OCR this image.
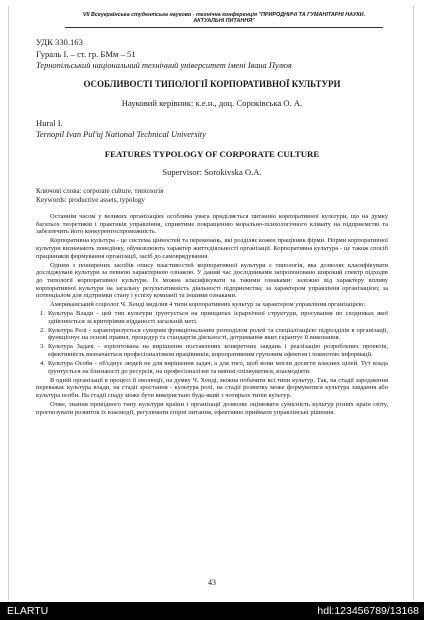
VII Всеукраїнська студентська науково - технічна конференція "ПРИРОДНИЧІ ТА ГУМАНІТАРНІ НАУКИ.
АКТУАЛЬНІ ПИТАННЯ"
УДК 330.163
Гураль І. – ст. гр. БМм – 51
Тернопільський національний технічний університет імені Івана Пулюя
ОСОБЛИВОСТІ ТИПОЛОГІЇ КОРПОРАТИВНОЇ КУЛЬТУРИ
Науковий керівник: к.е.н., доц. Сороківська О. А.
Hural I.
Ternopil Ivan Pul'uj National Technical University
FEATURES TYPOLOGY OF CORPORATE CULTURE
Supervisor: Sorokivska O.A.
Ключові слова: corporate culture, типологія
Keywords: productive assets, typology

Останнім часом у великих організаціях особлива увага приділяється питанню корпоративної культури, що на думку багатьох теоретиків і практиків управління, сприятиме покращенню морально-психологічного клімату на підприємстві та забезпечить його конкурентоспроможність.

Корпоративна культура - це система цінностей та переконань, які розділяє кожен працівник фірми. Норми корпоративної культури визначають поведінку, обумовлюють характер життєдіяльності організації. Корпоративна культура - це також спосіб працівників формування організації, засіб до самоврядування.

Одним з поширених засобів опису властивостей корпоративної культури є типологія, яка дозволяє класифікувати досліджувані культури за певною характерною ознакою. У даний час дослідниками запропоновано широкий спектр підходів до типології корпоративної культури. Їх можна класифікувати за такими ознаками: залежно від характеру впливу корпоративної культури на загальну результативність діяльності підприємства; за характером управління організацією; за потенціалом для підтримки стану і успіху компанії та іншими ознаками.

Американський соціолог Ч. Хенді виділив 4 типи корпоративних культур за характером управління організацією:

1. Культура Влади - цей тип культури ґрунтується на принципах ієрархічної структури, просування по сходинках якої здійснюється за критеріями відданості загальній меті.

2. Культура Ролі - характеризується суворим функціональним розподілом ролей та спеціалізацією підрозділів в організації, функціонує на основі правил, процедур та стандартів діяльності, дотримання яких гарантує її виконання.

3. Культура Задачі - зорієнтована на вирішення поставлених конкретних завдань і реалізацію розроблених проектів, ефективність визначається професіоналізмом працівників, корпоративним груповим ефектом і повнотою інформації.

4. Культура Особи - об'єднує людей не для вирішення задач, а для того, щоб вони могли досягти власних цілей. Тут влада ґрунтується на близькості до ресурсів, на професіоналізмі та вмінні спілкуватися, взаємодіяти.

В одній організації в процесі її еволюції, на думку Ч. Хенді, можна побачити всі типи культур. Так, на стадії зародження переважає культура влади, на стадії зростання - культура ролі, на стадії розвитку може формуватися культура завдання або культура особи. На стадії спаду може бути використано будь-який з чотирьох типів культур.

Отже, знання провідного типу культури країни і організації дозволяє оцінювати сумісність культур різних країн світу, прогнозувати розвиток їх взаємодії, регулювати спірні питання, ефективно приймати управлінські рішення.

43
ELARTU	hdl:123456789/13168
